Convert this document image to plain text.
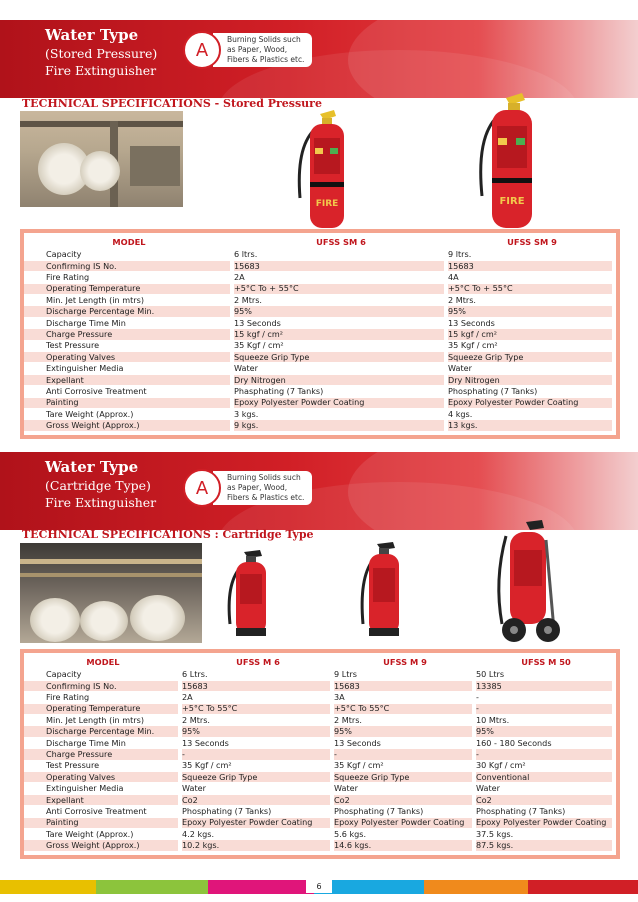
Water Type
(Stored Pressure)
Fire Extinguisher
A	Burning Solids such
as Paper, Wood,
Fibers & Plastics etc.
TECHNICAL SPECIFICATIONS - Stored Pressure
FIRE	FIRE
MODEL	UFSS SM 6	UFSS SM 9
Capacity	6 ltrs.	9 ltrs.
Confirming IS No.	15683	15683
Fire Rating	2A	4A
Operating Temperature	+5°C To + 55°C	+5°C To + 55°C
Min. Jet Length (in mtrs)	2 Mtrs.	2 Mtrs.
Discharge Percentage Min.	95%	95%
Discharge Time Min	13 Seconds	13 Seconds
Charge Pressure	15 kgf / cm²	15 kgf / cm²
Test Pressure	35 Kgf / cm²	35 Kgf / cm²
Operating Valves	Squeeze Grip Type	Squeeze Grip Type
Extinguisher Media	Water	Water
Expellant	Dry Nitrogen	Dry Nitrogen
Anti Corrosive Treatment	Phasphating (7 Tanks)	Phosphating (7 Tanks)
Painting	Epoxy Polyester Powder Coating	Epoxy Polyester Powder Coating
Tare Weight (Approx.)	3 kgs.	4 kgs.
Gross Weight (Approx.)	9 kgs.	13 kgs.
Water Type
(Cartridge Type)
Fire Extinguisher
A	Burning Solids such
as Paper, Wood,
Fibers & Plastics etc.
TECHNICAL SPECIFICATIONS : Cartridge Type
MODEL	UFSS M 6	UFSS M 9	UFSS M 50
Capacity	6 Ltrs.	9 Ltrs	50 Ltrs
Confirming IS No.	15683	15683	13385
Fire Rating	2A	3A	-
Operating Temperature	+5°C To 55°C	+5°C To 55°C	-
Min. Jet Length (in mtrs)	2 Mtrs.	2 Mtrs.	10 Mtrs.
Discharge Percentage Min.	95%	95%	95%
Discharge Time Min	13 Seconds	13 Seconds	160 - 180 Seconds
Charge Pressure	-	-	-
Test Pressure	35 Kgf / cm²	35 Kgf / cm²	30 Kgf / cm²
Operating Valves	Squeeze Grip Type	Squeeze Grip Type	Conventional
Extinguisher Media	Water	Water	Water
Expellant	Co2	Co2	Co2
Anti Corrosive Treatment	Phosphating (7 Tanks)	Phosphating (7 Tanks)	Phosphating (7 Tanks)
Painting	Epoxy Polyester Powder Coating	Epoxy Polyester Powder Coating	Epoxy Polyester Powder Coating
Tare Weight (Approx.)	4.2 kgs.	5.6 kgs.	37.5 kgs.
Gross Weight (Approx.)	10.2 kgs.	14.6 kgs.	87.5 kgs.
6
